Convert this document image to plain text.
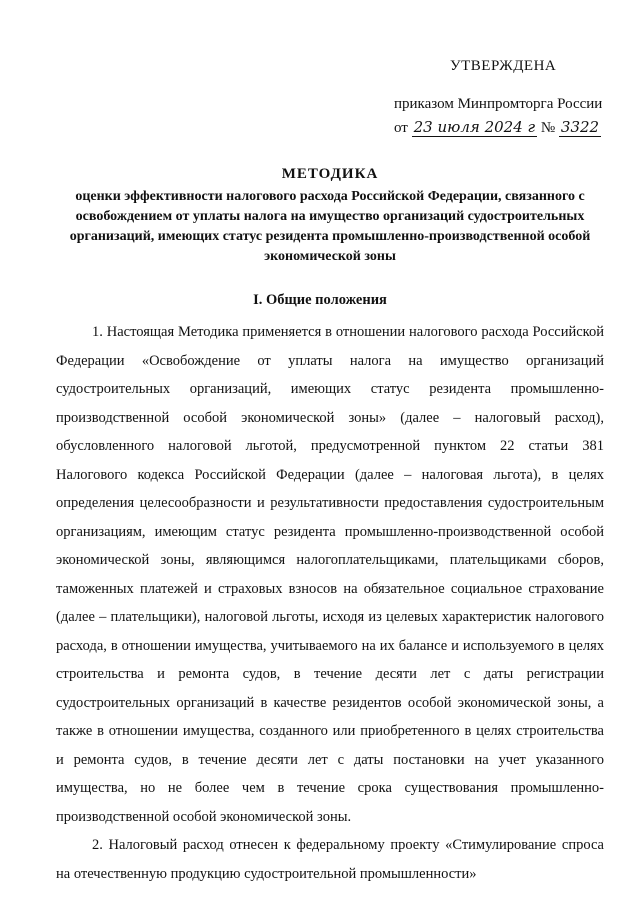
УТВЕРЖДЕНА
приказом Минпромторга России
от 23 июля 2024 г № 3322

МЕТОДИКА

оценки эффективности налогового расхода Российской Федерации, связанного с освобождением от уплаты налога на имущество организаций судостроительных организаций, имеющих статус резидента промышленно-производственной особой экономической зоны

I. Общие положения

1. Настоящая Методика применяется в отношении налогового расхода Российской Федерации «Освобождение от уплаты налога на имущество организаций судостроительных организаций, имеющих статус резидента промышленно-производственной особой экономической зоны» (далее – налоговый расход), обусловленного налоговой льготой, предусмотренной пунктом 22 статьи 381 Налогового кодекса Российской Федерации (далее – налоговая льгота), в целях определения целесообразности и результативности предоставления судостроительным организациям, имеющим статус резидента промышленно-производственной особой экономической зоны, являющимся налогоплательщиками, плательщиками сборов, таможенных платежей и страховых взносов на обязательное социальное страхование (далее – плательщики), налоговой льготы, исходя из целевых характеристик налогового расхода, в отношении имущества, учитываемого на их балансе и используемого в целях строительства и ремонта судов, в течение десяти лет с даты регистрации судостроительных организаций в качестве резидентов особой экономической зоны, а также в отношении имущества, созданного или приобретенного в целях строительства и ремонта судов, в течение десяти лет с даты постановки на учет указанного имущества, но не более чем в течение срока существования промышленно-производственной особой экономической зоны.

2. Налоговый расход отнесен к федеральному проекту «Стимулирование спроса на отечественную продукцию судостроительной промышленности»
